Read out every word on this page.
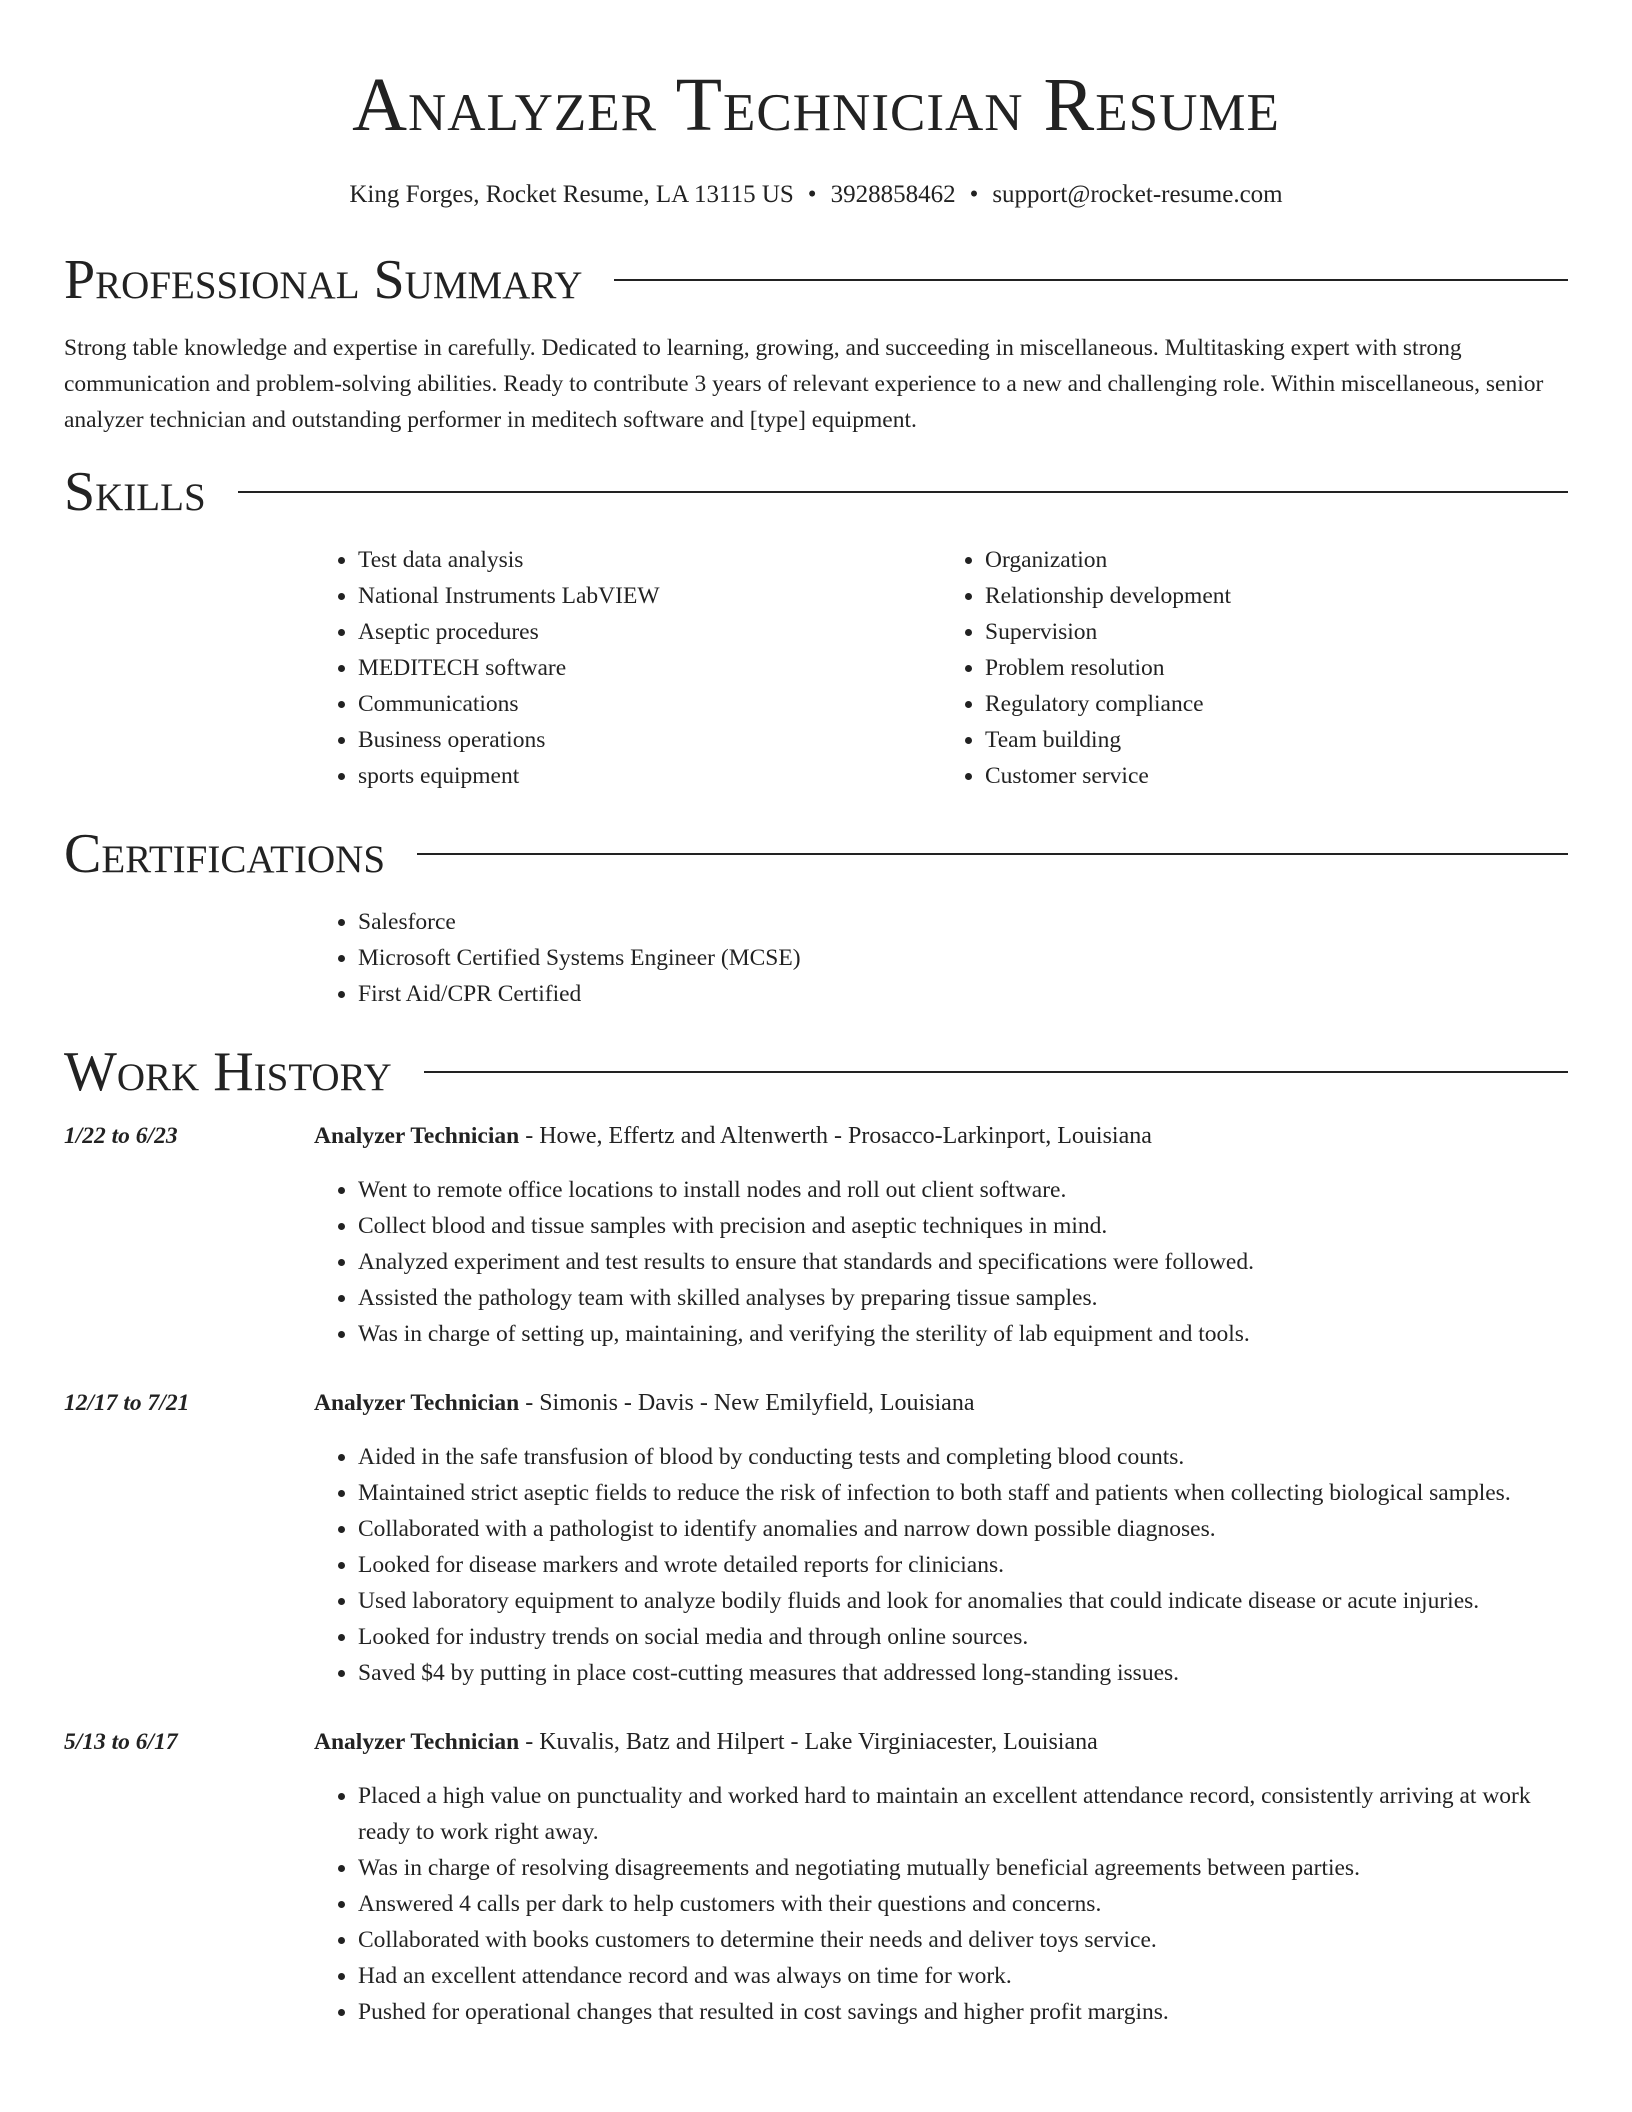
Analyzer Technician Resume
King Forges, Rocket Resume, LA 13115 US • 3928858462 • support@rocket-resume.com
Professional Summary

Strong table knowledge and expertise in carefully. Dedicated to learning, growing, and succeeding in miscellaneous. Multitasking expert with strong communication and problem-solving abilities. Ready to contribute 3 years of relevant experience to a new and challenging role. Within miscellaneous, senior analyzer technician and outstanding performer in meditech software and [type] equipment.

Skills
• Test data analysis
• National Instruments LabVIEW
• Aseptic procedures
• MEDITECH software
• Communications
• Business operations
• sports equipment
• Organization
• Relationship development
• Supervision
• Problem resolution
• Regulatory compliance
• Team building
• Customer service
Certifications
• Salesforce
• Microsoft Certified Systems Engineer (MCSE)
• First Aid/CPR Certified
Work History
1/22 to 6/23	Analyzer Technician - Howe, Effertz and Altenwerth - Prosacco-Larkinport, Louisiana
• Went to remote office locations to install nodes and roll out client software.
• Collect blood and tissue samples with precision and aseptic techniques in mind.
• Analyzed experiment and test results to ensure that standards and specifications were followed.
• Assisted the pathology team with skilled analyses by preparing tissue samples.
• Was in charge of setting up, maintaining, and verifying the sterility of lab equipment and tools.
12/17 to 7/21	Analyzer Technician - Simonis - Davis - New Emilyfield, Louisiana
• Aided in the safe transfusion of blood by conducting tests and completing blood counts.
• Maintained strict aseptic fields to reduce the risk of infection to both staff and patients when collecting biological samples.
• Collaborated with a pathologist to identify anomalies and narrow down possible diagnoses.
• Looked for disease markers and wrote detailed reports for clinicians.
• Used laboratory equipment to analyze bodily fluids and look for anomalies that could indicate disease or acute injuries.
• Looked for industry trends on social media and through online sources.
• Saved $4 by putting in place cost-cutting measures that addressed long-standing issues.
5/13 to 6/17	Analyzer Technician - Kuvalis, Batz and Hilpert - Lake Virginiacester, Louisiana
• Placed a high value on punctuality and worked hard to maintain an excellent attendance record, consistently arriving at work ready to work right away.
• Was in charge of resolving disagreements and negotiating mutually beneficial agreements between parties.
• Answered 4 calls per dark to help customers with their questions and concerns.
• Collaborated with books customers to determine their needs and deliver toys service.
• Had an excellent attendance record and was always on time for work.
• Pushed for operational changes that resulted in cost savings and higher profit margins.
